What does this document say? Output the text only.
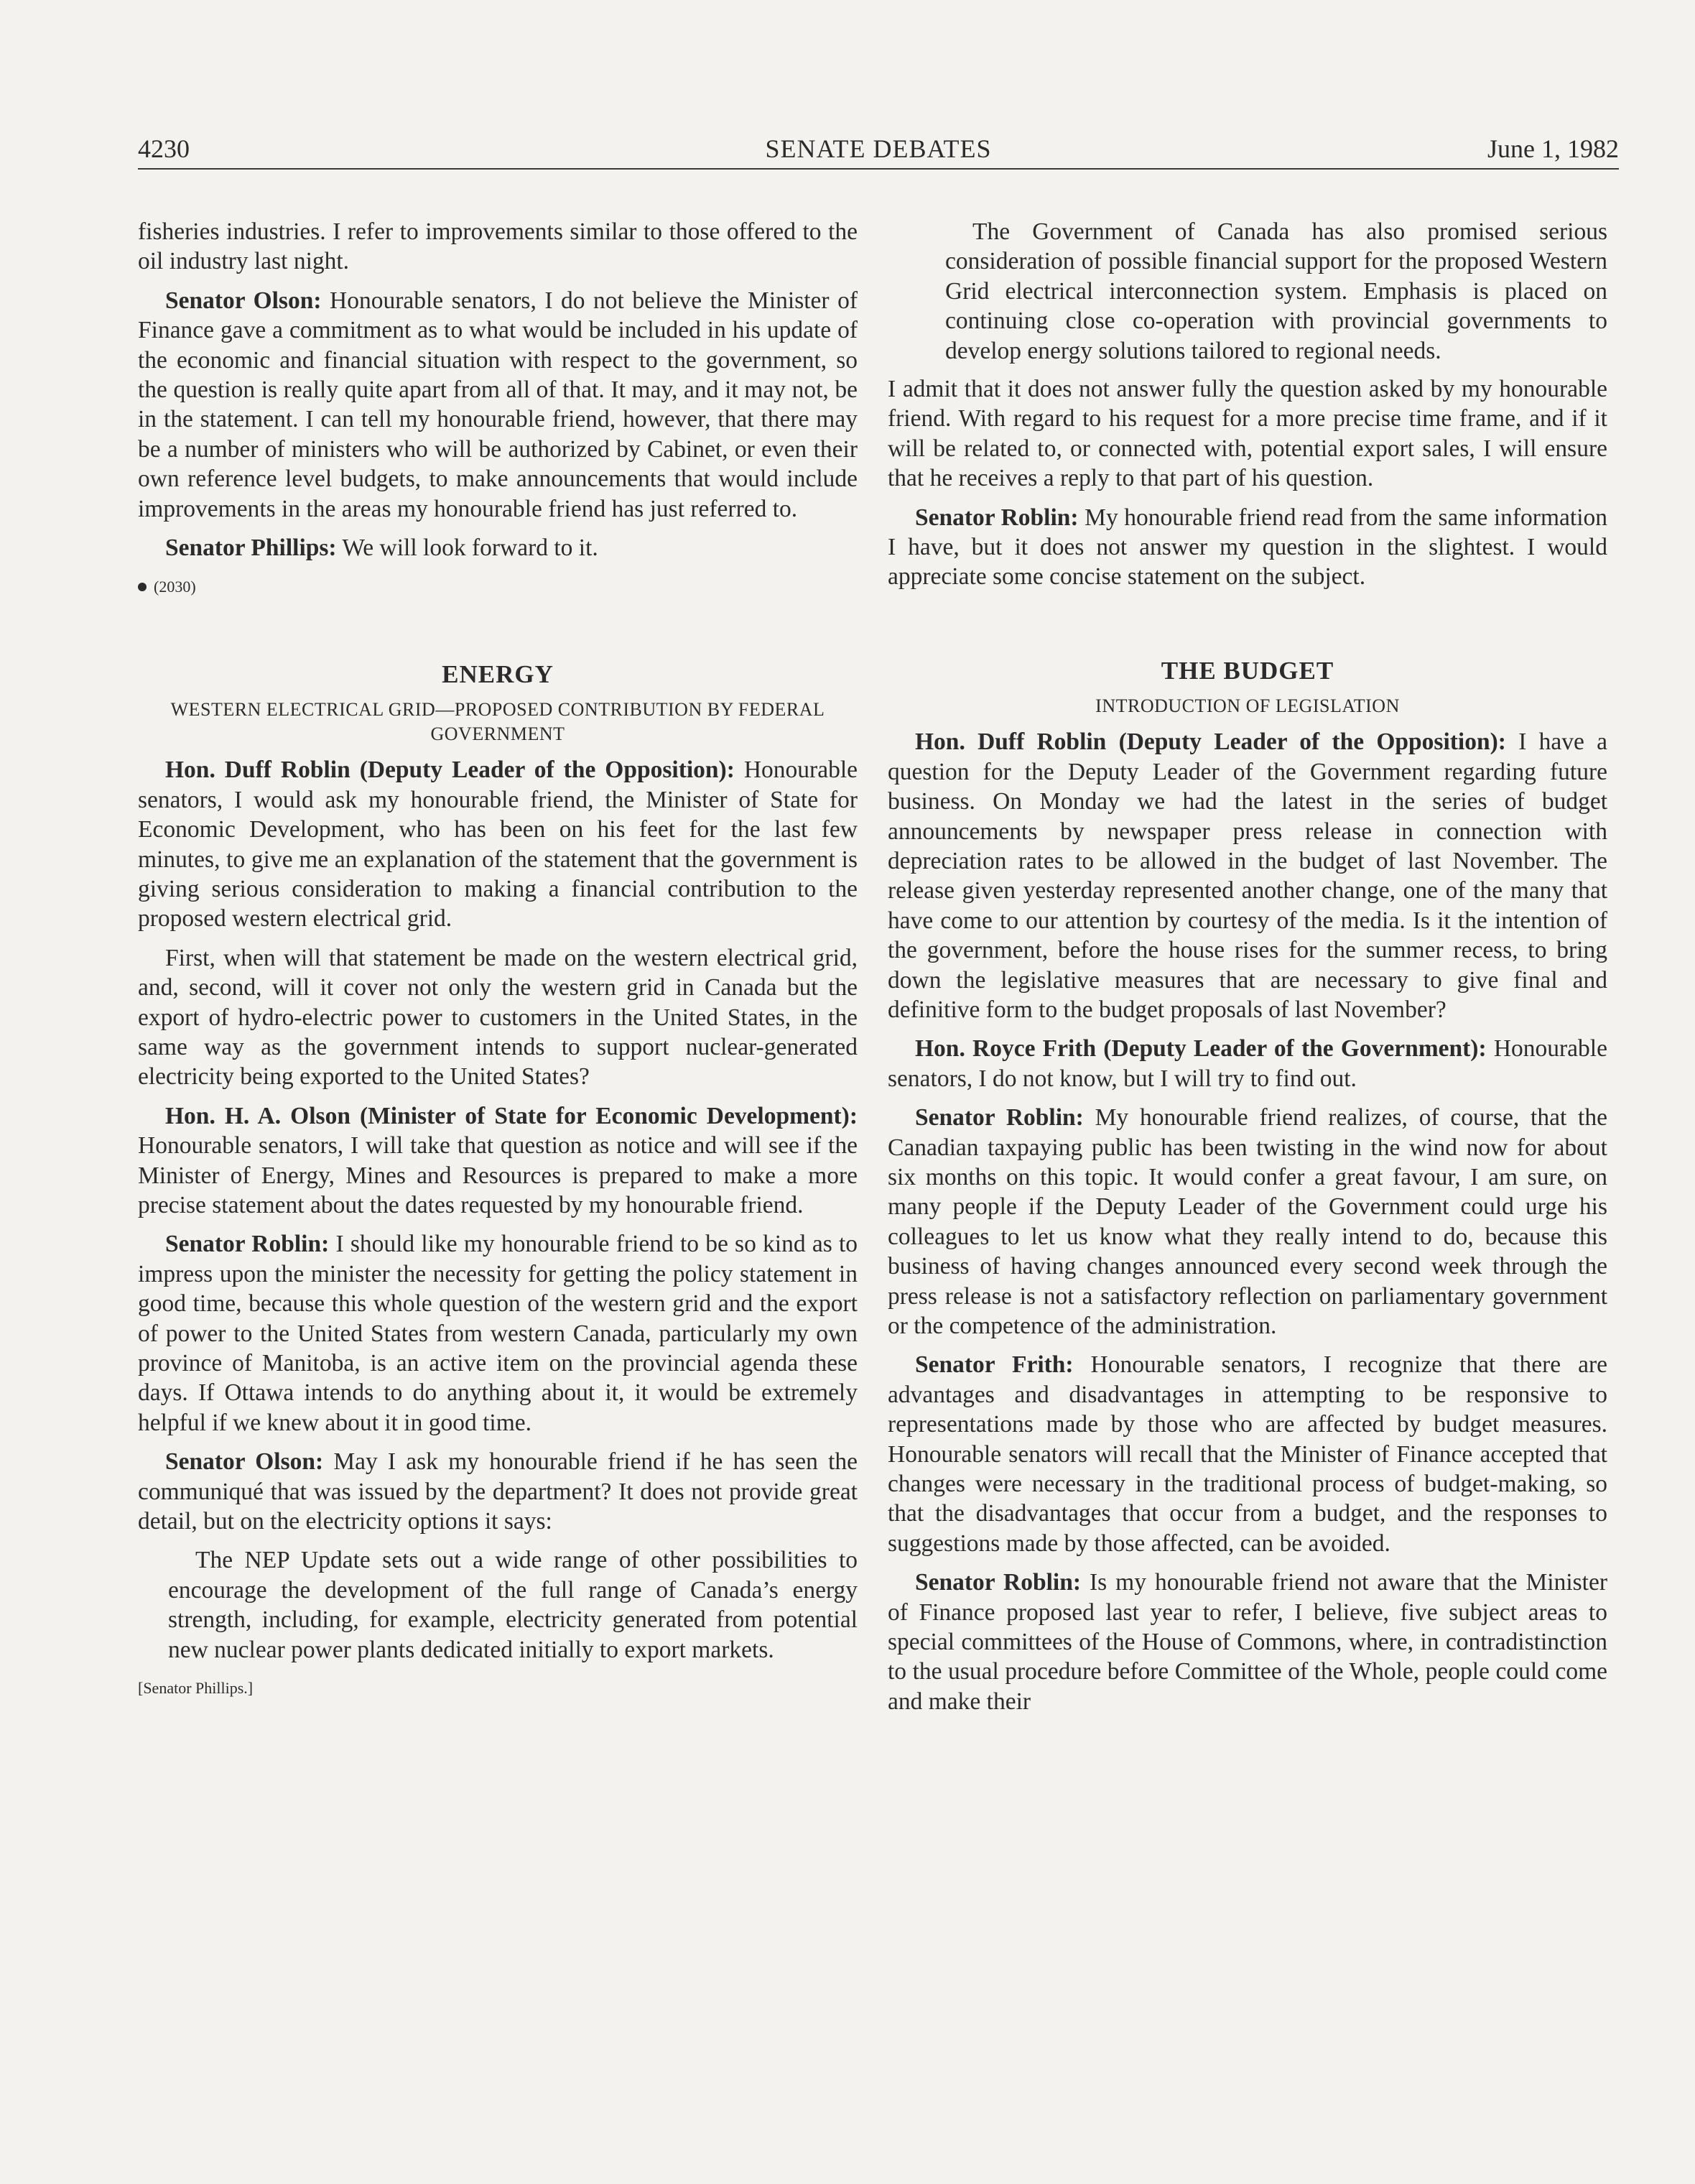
4230	SENATE DEBATES	June 1, 1982

fisheries industries. I refer to improvements similar to those offered to the oil industry last night.

Senator Olson: Honourable senators, I do not believe the Minister of Finance gave a commitment as to what would be included in his update of the economic and financial situation with respect to the government, so the question is really quite apart from all of that. It may, and it may not, be in the statement. I can tell my honourable friend, however, that there may be a number of ministers who will be authorized by Cabinet, or even their own reference level budgets, to make announcements that would include improvements in the areas my honourable friend has just referred to.

Senator Phillips: We will look forward to it.

(2030)
ENERGY
WESTERN ELECTRICAL GRID—PROPOSED CONTRIBUTION BY FEDERAL GOVERNMENT

Hon. Duff Roblin (Deputy Leader of the Opposition): Honourable senators, I would ask my honourable friend, the Minister of State for Economic Development, who has been on his feet for the last few minutes, to give me an explanation of the statement that the government is giving serious consideration to making a financial contribution to the proposed western electrical grid.

First, when will that statement be made on the western electrical grid, and, second, will it cover not only the western grid in Canada but the export of hydro-electric power to customers in the United States, in the same way as the government intends to support nuclear-generated electricity being exported to the United States?

Hon. H. A. Olson (Minister of State for Economic Development): Honourable senators, I will take that question as notice and will see if the Minister of Energy, Mines and Resources is prepared to make a more precise statement about the dates requested by my honourable friend.

Senator Roblin: I should like my honourable friend to be so kind as to impress upon the minister the necessity for getting the policy statement in good time, because this whole question of the western grid and the export of power to the United States from western Canada, particularly my own province of Manitoba, is an active item on the provincial agenda these days. If Ottawa intends to do anything about it, it would be extremely helpful if we knew about it in good time.

Senator Olson: May I ask my honourable friend if he has seen the communiqué that was issued by the department? It does not provide great detail, but on the electricity options it says:

The NEP Update sets out a wide range of other possibilities to encourage the development of the full range of Canada’s energy strength, including, for example, electricity generated from potential new nuclear power plants dedicated initially to export markets.
[Senator Phillips.]
The Government of Canada has also promised serious consideration of possible financial support for the proposed Western Grid electrical interconnection system. Emphasis is placed on continuing close co-operation with provincial governments to develop energy solutions tailored to regional needs.

I admit that it does not answer fully the question asked by my honourable friend. With regard to his request for a more precise time frame, and if it will be related to, or connected with, potential export sales, I will ensure that he receives a reply to that part of his question.

Senator Roblin: My honourable friend read from the same information I have, but it does not answer my question in the slightest. I would appreciate some concise statement on the subject.

THE BUDGET
INTRODUCTION OF LEGISLATION

Hon. Duff Roblin (Deputy Leader of the Opposition): I have a question for the Deputy Leader of the Government regarding future business. On Monday we had the latest in the series of budget announcements by newspaper press release in connection with depreciation rates to be allowed in the budget of last November. The release given yesterday represented another change, one of the many that have come to our attention by courtesy of the media. Is it the intention of the government, before the house rises for the summer recess, to bring down the legislative measures that are necessary to give final and definitive form to the budget proposals of last November?

Hon. Royce Frith (Deputy Leader of the Government): Honourable senators, I do not know, but I will try to find out.

Senator Roblin: My honourable friend realizes, of course, that the Canadian taxpaying public has been twisting in the wind now for about six months on this topic. It would confer a great favour, I am sure, on many people if the Deputy Leader of the Government could urge his colleagues to let us know what they really intend to do, because this business of having changes announced every second week through the press release is not a satisfactory reflection on parliamentary government or the competence of the administration.

Senator Frith: Honourable senators, I recognize that there are advantages and disadvantages in attempting to be responsive to representations made by those who are affected by budget measures. Honourable senators will recall that the Minister of Finance accepted that changes were necessary in the traditional process of budget-making, so that the disadvantages that occur from a budget, and the responses to suggestions made by those affected, can be avoided.

Senator Roblin: Is my honourable friend not aware that the Minister of Finance proposed last year to refer, I believe, five subject areas to special committees of the House of Commons, where, in contradistinction to the usual procedure before Committee of the Whole, people could come and make their
